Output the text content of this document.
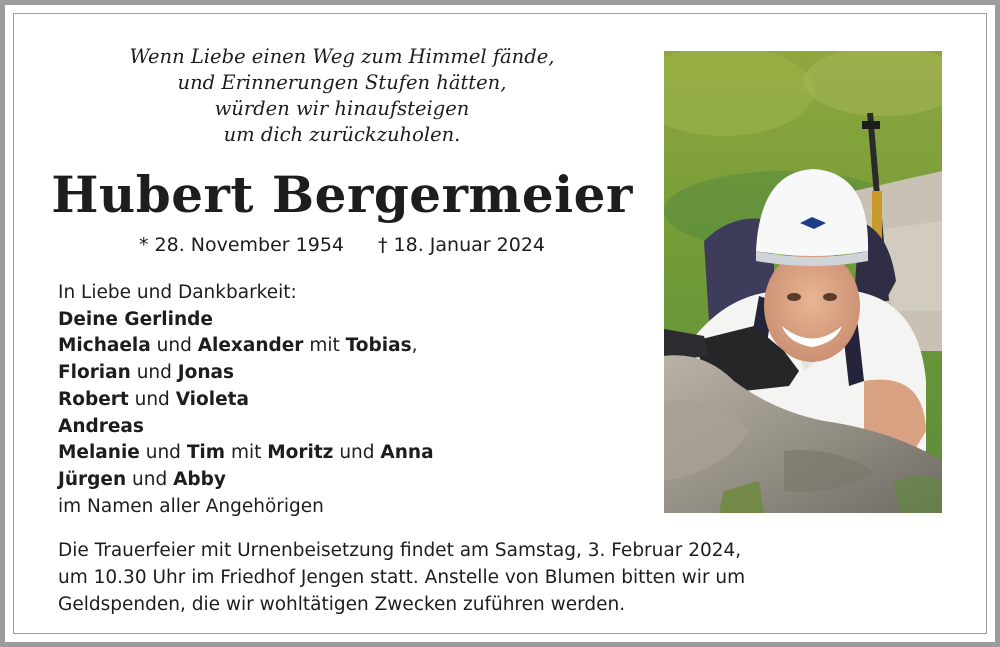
Wenn Liebe einen Weg zum Himmel fände,
und Erinnerungen Stufen hätten,
würden wir hinaufsteigen
um dich zurückzuholen.
Hubert Bergermeier
* 28. November 1954 † 18. Januar 2024
In Liebe und Dankbarkeit:
Deine Gerlinde
Michaela und Alexander mit Tobias,
Florian und Jonas
Robert und Violeta
Andreas
Melanie und Tim mit Moritz und Anna
Jürgen und Abby
im Namen aller Angehörigen
Die Trauerfeier mit Urnenbeisetzung findet am Samstag, 3. Februar 2024,
um 10.30 Uhr im Friedhof Jengen statt. Anstelle von Blumen bitten wir um
Geldspenden, die wir wohltätigen Zwecken zuführen werden.
